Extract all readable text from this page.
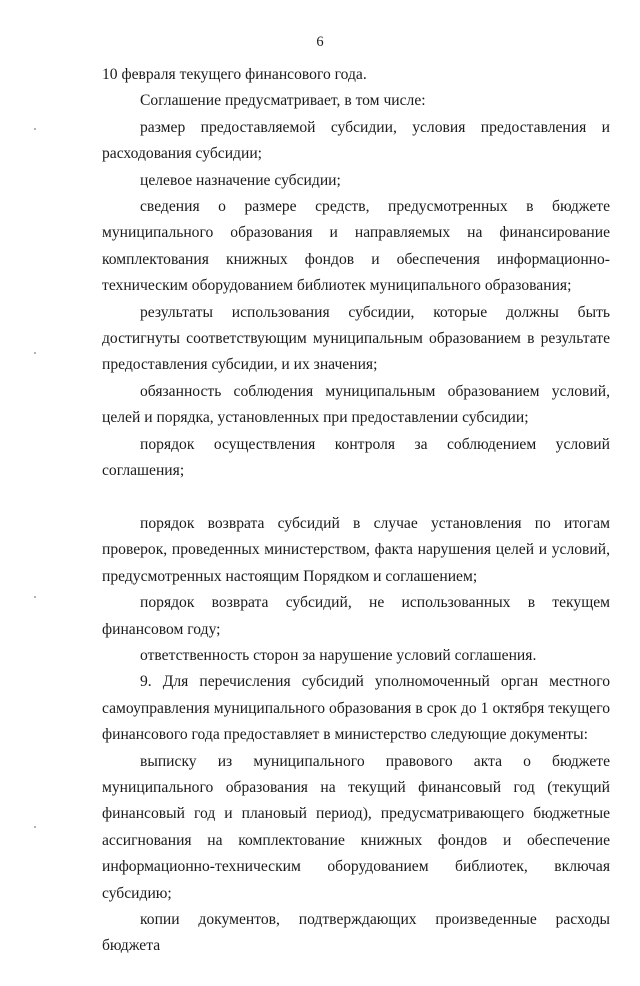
6

10 февраля текущего финансового года.

Соглашение предусматривает, в том числе:

размер предоставляемой субсидии, условия предоставления и расходования субсидии;

целевое назначение субсидии;

сведения о размере средств, предусмотренных в бюджете муниципального образования и направляемых на финансирование комплектования книжных фондов и обеспечения информационно-техническим оборудованием библиотек муниципального образования;

результаты использования субсидии, которые должны быть достигнуты соответствующим муниципальным образованием в результате предоставления субсидии, и их значения;

обязанность соблюдения муниципальным образованием условий, целей и порядка, установленных при предоставлении субсидии;

порядок осуществления контроля за соблюдением условий соглашения;

порядок возврата субсидий в случае установления по итогам проверок, проведенных министерством, факта нарушения целей и условий, предусмотренных настоящим Порядком и соглашением;

порядок возврата субсидий, не использованных в текущем финансовом году;

ответственность сторон за нарушение условий соглашения.

9. Для перечисления субсидий уполномоченный орган местного самоуправления муниципального образования в срок до 1 октября текущего финансового года предоставляет в министерство следующие документы:

выписку из муниципального правового акта о бюджете муниципального образования на текущий финансовый год (текущий финансовый год и плановый период), предусматривающего бюджетные ассигнования на комплектование книжных фондов и обеспечение информационно-техническим оборудованием библиотек, включая субсидию;

копии документов, подтверждающих произведенные расходы бюджета
